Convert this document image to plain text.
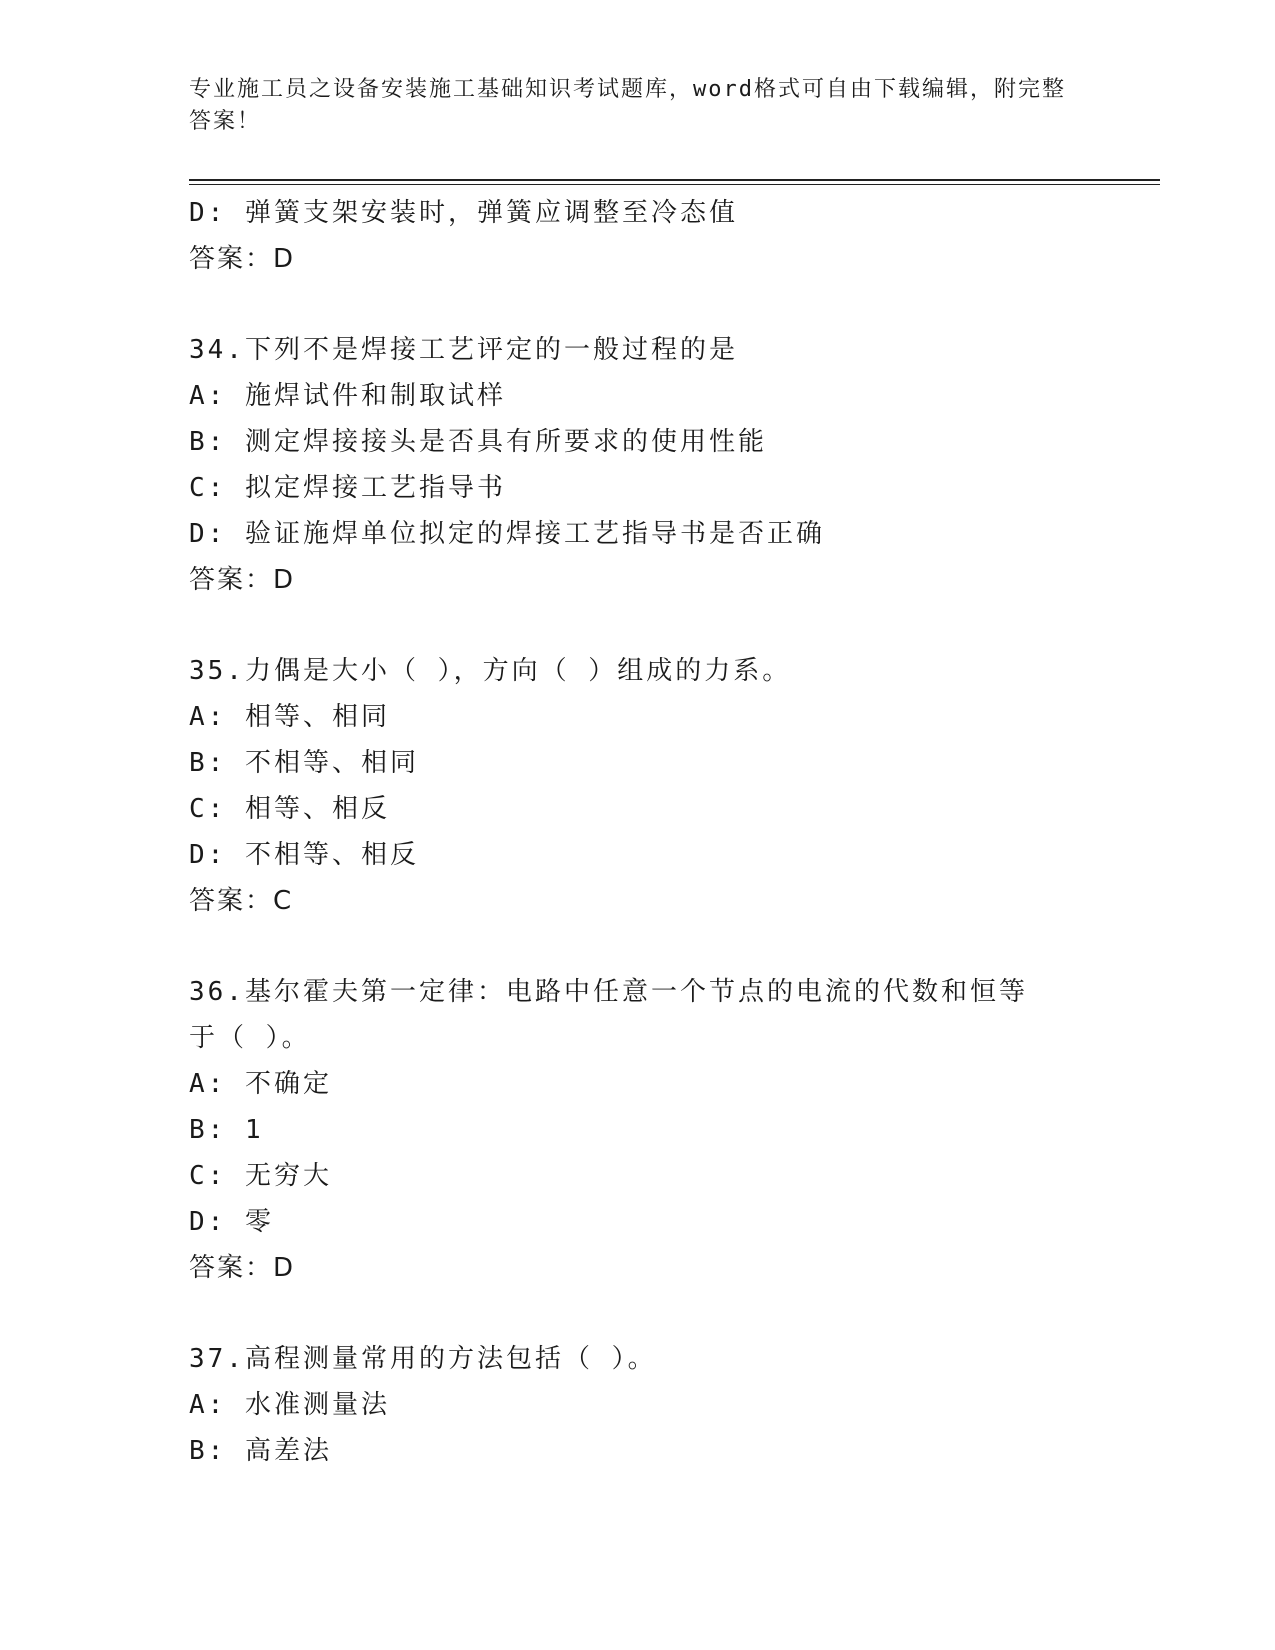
专业施工员之设备安装施工基础知识考试题库，word格式可自由下载编辑，附完整答案！
D: 弹簧支架安装时，弹簧应调整至冷态值
答案：D
34.下列不是焊接工艺评定的一般过程的是
A: 施焊试件和制取试样
B: 测定焊接接头是否具有所要求的使用性能
C: 拟定焊接工艺指导书
D: 验证施焊单位拟定的焊接工艺指导书是否正确
答案：D
35.力偶是大小（ ），方向（ ）组成的力系。
A: 相等、相同
B: 不相等、相同
C: 相等、相反
D: 不相等、相反
答案：C
36.基尔霍夫第一定律：电路中任意一个节点的电流的代数和恒等于（ ）。
A: 不确定
B: 1
C: 无穷大
D: 零
答案：D
37.高程测量常用的方法包括（ ）。
A: 水准测量法
B: 高差法
